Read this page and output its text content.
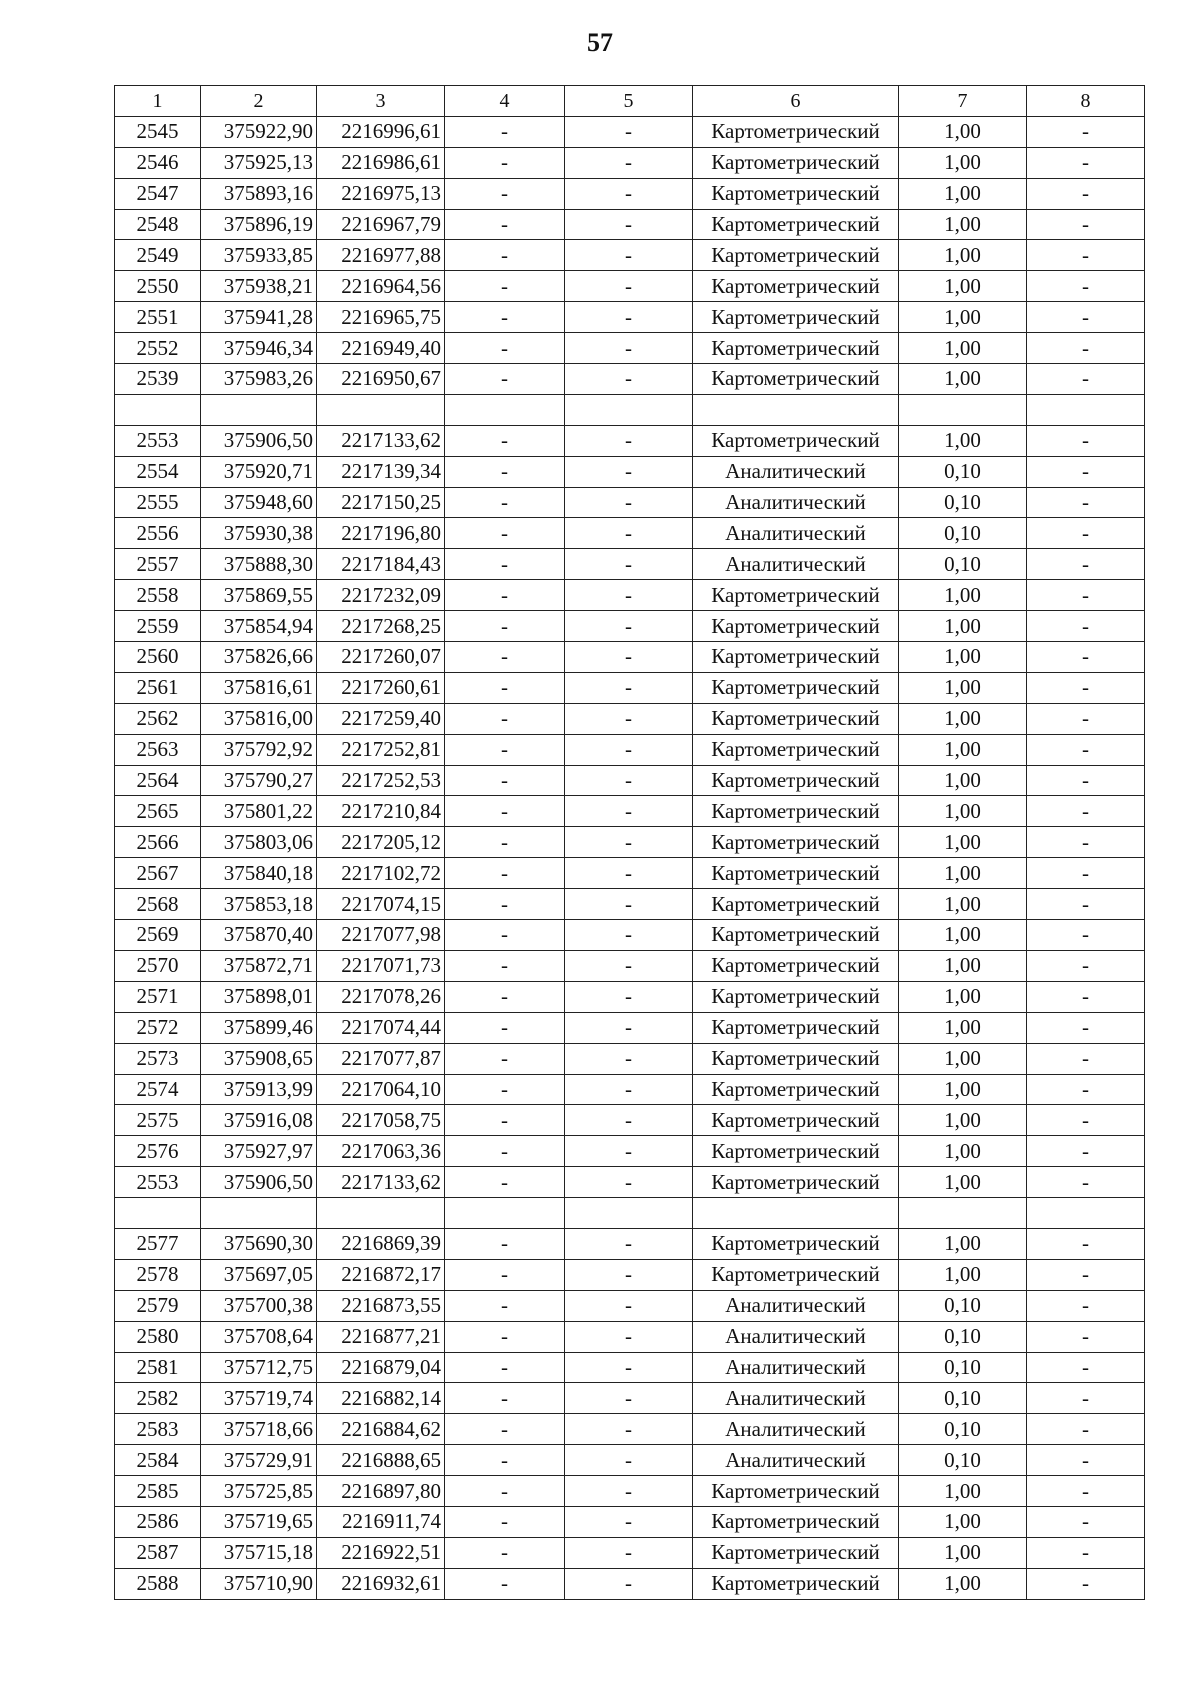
57
1	2	3	4	5	6	7	8
2545	375922,90	2216996,61	-	-	Картометрический	1,00	-
2546	375925,13	2216986,61	-	-	Картометрический	1,00	-
2547	375893,16	2216975,13	-	-	Картометрический	1,00	-
2548	375896,19	2216967,79	-	-	Картометрический	1,00	-
2549	375933,85	2216977,88	-	-	Картометрический	1,00	-
2550	375938,21	2216964,56	-	-	Картометрический	1,00	-
2551	375941,28	2216965,75	-	-	Картометрический	1,00	-
2552	375946,34	2216949,40	-	-	Картометрический	1,00	-
2539	375983,26	2216950,67	-	-	Картометрический	1,00	-

2553	375906,50	2217133,62	-	-	Картометрический	1,00	-
2554	375920,71	2217139,34	-	-	Аналитический	0,10	-
2555	375948,60	2217150,25	-	-	Аналитический	0,10	-
2556	375930,38	2217196,80	-	-	Аналитический	0,10	-
2557	375888,30	2217184,43	-	-	Аналитический	0,10	-
2558	375869,55	2217232,09	-	-	Картометрический	1,00	-
2559	375854,94	2217268,25	-	-	Картометрический	1,00	-
2560	375826,66	2217260,07	-	-	Картометрический	1,00	-
2561	375816,61	2217260,61	-	-	Картометрический	1,00	-
2562	375816,00	2217259,40	-	-	Картометрический	1,00	-
2563	375792,92	2217252,81	-	-	Картометрический	1,00	-
2564	375790,27	2217252,53	-	-	Картометрический	1,00	-
2565	375801,22	2217210,84	-	-	Картометрический	1,00	-
2566	375803,06	2217205,12	-	-	Картометрический	1,00	-
2567	375840,18	2217102,72	-	-	Картометрический	1,00	-
2568	375853,18	2217074,15	-	-	Картометрический	1,00	-
2569	375870,40	2217077,98	-	-	Картометрический	1,00	-
2570	375872,71	2217071,73	-	-	Картометрический	1,00	-
2571	375898,01	2217078,26	-	-	Картометрический	1,00	-
2572	375899,46	2217074,44	-	-	Картометрический	1,00	-
2573	375908,65	2217077,87	-	-	Картометрический	1,00	-
2574	375913,99	2217064,10	-	-	Картометрический	1,00	-
2575	375916,08	2217058,75	-	-	Картометрический	1,00	-
2576	375927,97	2217063,36	-	-	Картометрический	1,00	-
2553	375906,50	2217133,62	-	-	Картометрический	1,00	-

2577	375690,30	2216869,39	-	-	Картометрический	1,00	-
2578	375697,05	2216872,17	-	-	Картометрический	1,00	-
2579	375700,38	2216873,55	-	-	Аналитический	0,10	-
2580	375708,64	2216877,21	-	-	Аналитический	0,10	-
2581	375712,75	2216879,04	-	-	Аналитический	0,10	-
2582	375719,74	2216882,14	-	-	Аналитический	0,10	-
2583	375718,66	2216884,62	-	-	Аналитический	0,10	-
2584	375729,91	2216888,65	-	-	Аналитический	0,10	-
2585	375725,85	2216897,80	-	-	Картометрический	1,00	-
2586	375719,65	2216911,74	-	-	Картометрический	1,00	-
2587	375715,18	2216922,51	-	-	Картометрический	1,00	-
2588	375710,90	2216932,61	-	-	Картометрический	1,00	-
